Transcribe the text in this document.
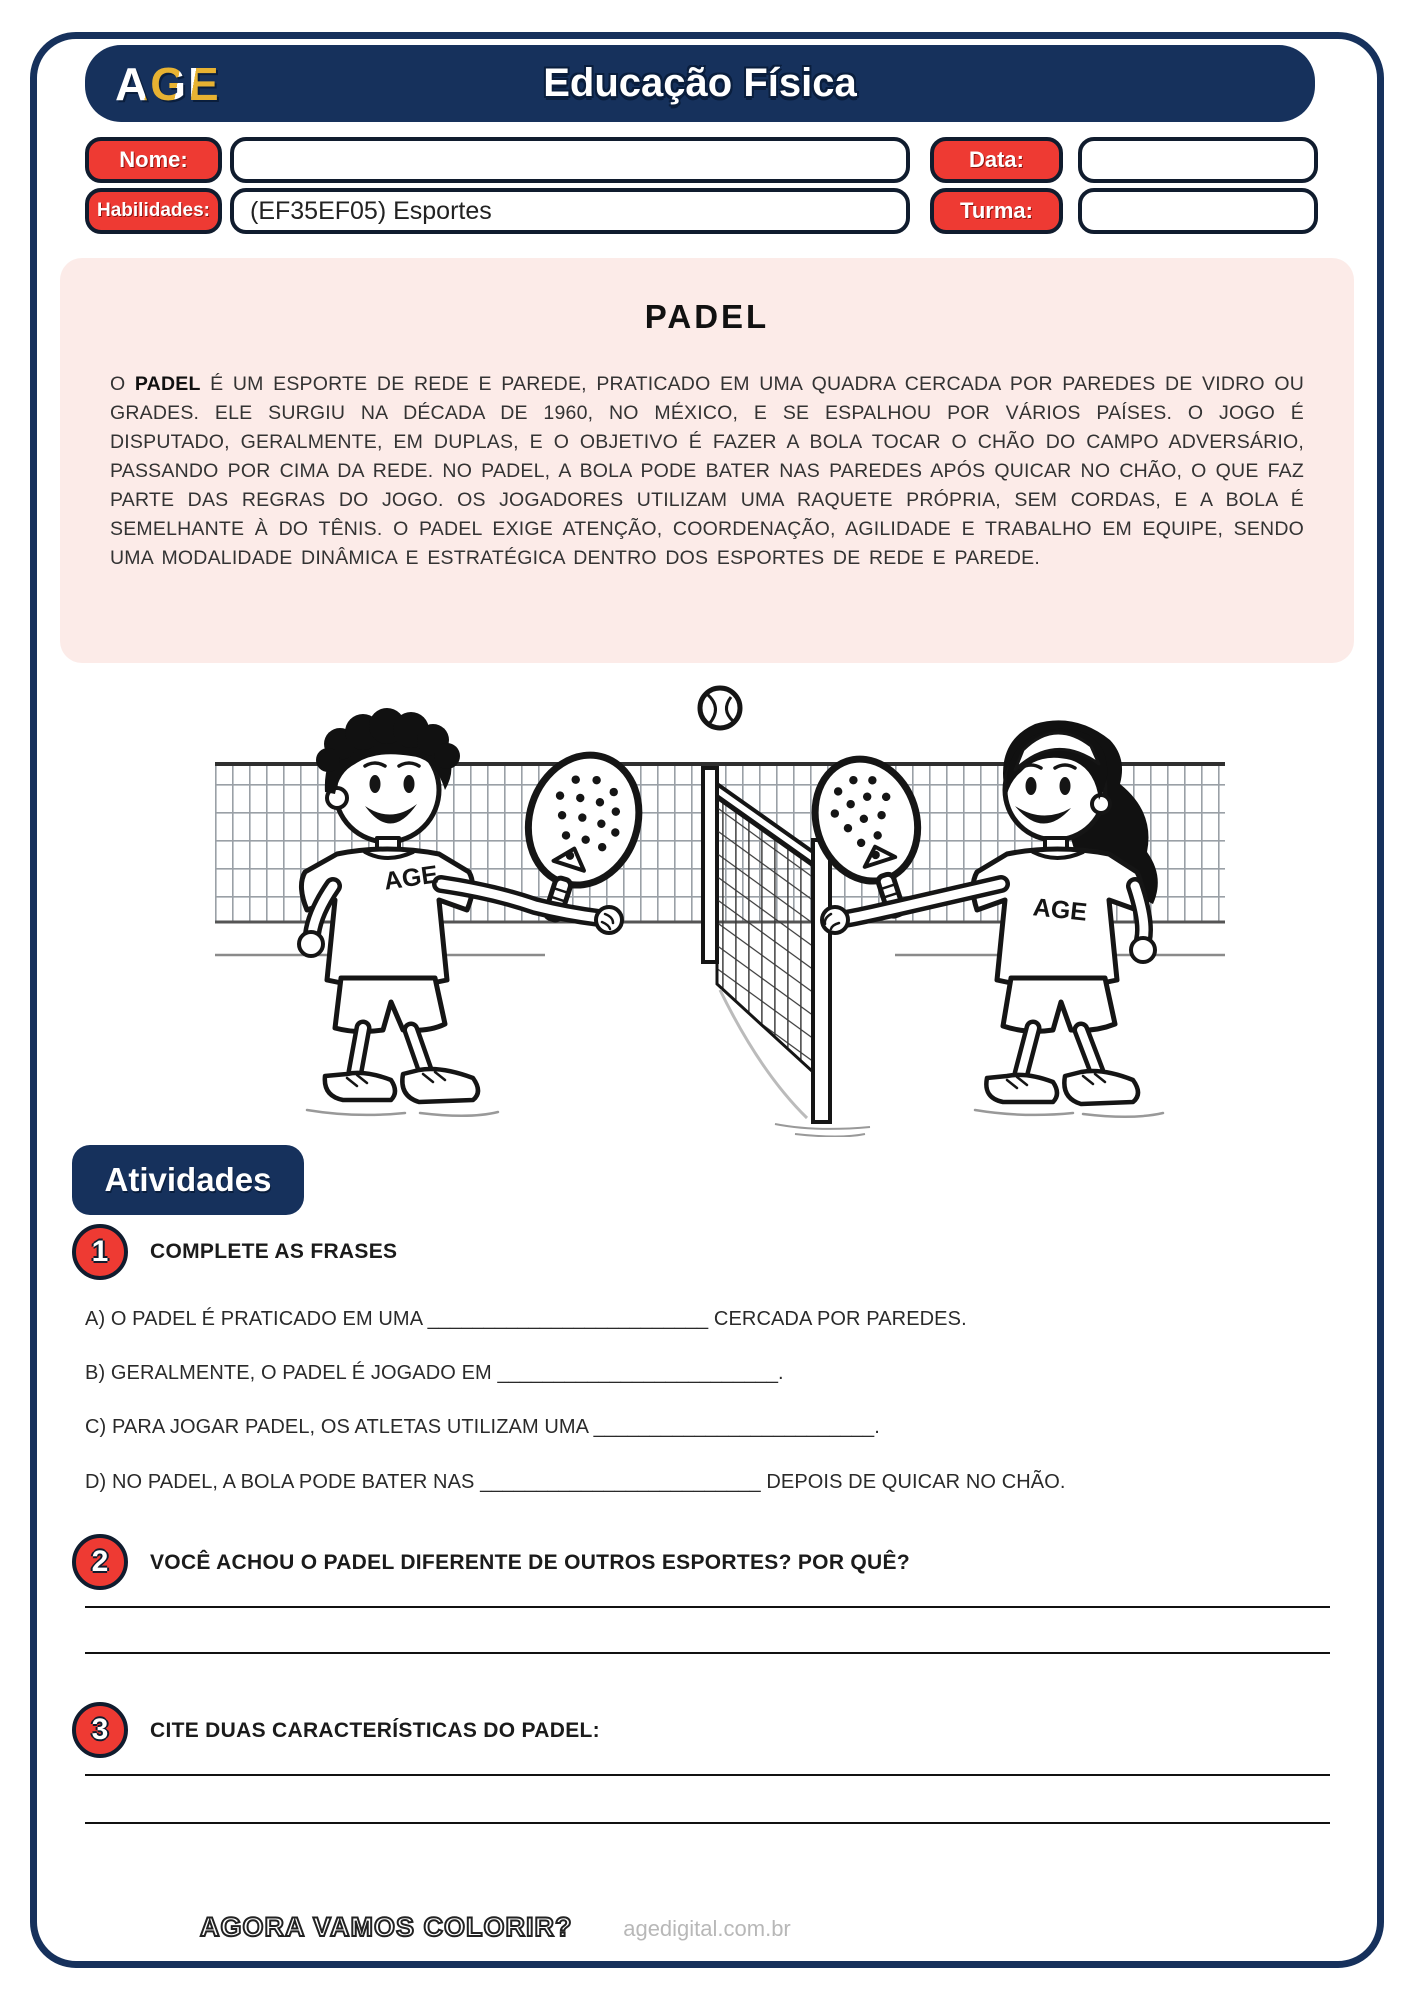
AGE	Educação Física
Nome:	Data:
Habilidades:	(EF35EF05) Esportes	Turma:
PADEL
O PADEL É UM ESPORTE DE REDE E PAREDE, PRATICADO EM UMA QUADRA CERCADA POR PAREDES DE VIDRO OU GRADES. ELE SURGIU NA DÉCADA DE 1960, NO MÉXICO, E SE ESPALHOU POR VÁRIOS PAÍSES. O JOGO É DISPUTADO, GERALMENTE, EM DUPLAS, E O OBJETIVO É FAZER A BOLA TOCAR O CHÃO DO CAMPO ADVERSÁRIO, PASSANDO POR CIMA DA REDE. NO PADEL, A BOLA PODE BATER NAS PAREDES APÓS QUICAR NO CHÃO, O QUE FAZ PARTE DAS REGRAS DO JOGO. OS JOGADORES UTILIZAM UMA RAQUETE PRÓPRIA, SEM CORDAS, E A BOLA É SEMELHANTE À DO TÊNIS. O PADEL EXIGE ATENÇÃO, COORDENAÇÃO, AGILIDADE E TRABALHO EM EQUIPE, SENDO UMA MODALIDADE DINÂMICA E ESTRATÉGICA DENTRO DOS ESPORTES DE REDE E PAREDE.
AGE
AGE
Atividades
1	COMPLETE AS FRASES
A) O PADEL É PRATICADO EM UMA _________________________ CERCADA POR PAREDES.
B) GERALMENTE, O PADEL É JOGADO EM _________________________.
C) PARA JOGAR PADEL, OS ATLETAS UTILIZAM UMA _________________________.
D) NO PADEL, A BOLA PODE BATER NAS _________________________ DEPOIS DE QUICAR NO CHÃO.
2	VOCÊ ACHOU O PADEL DIFERENTE DE OUTROS ESPORTES? POR QUÊ?
3	CITE DUAS CARACTERÍSTICAS DO PADEL:
AGORA VAMOS COLORIR?	agedigital.com.br
